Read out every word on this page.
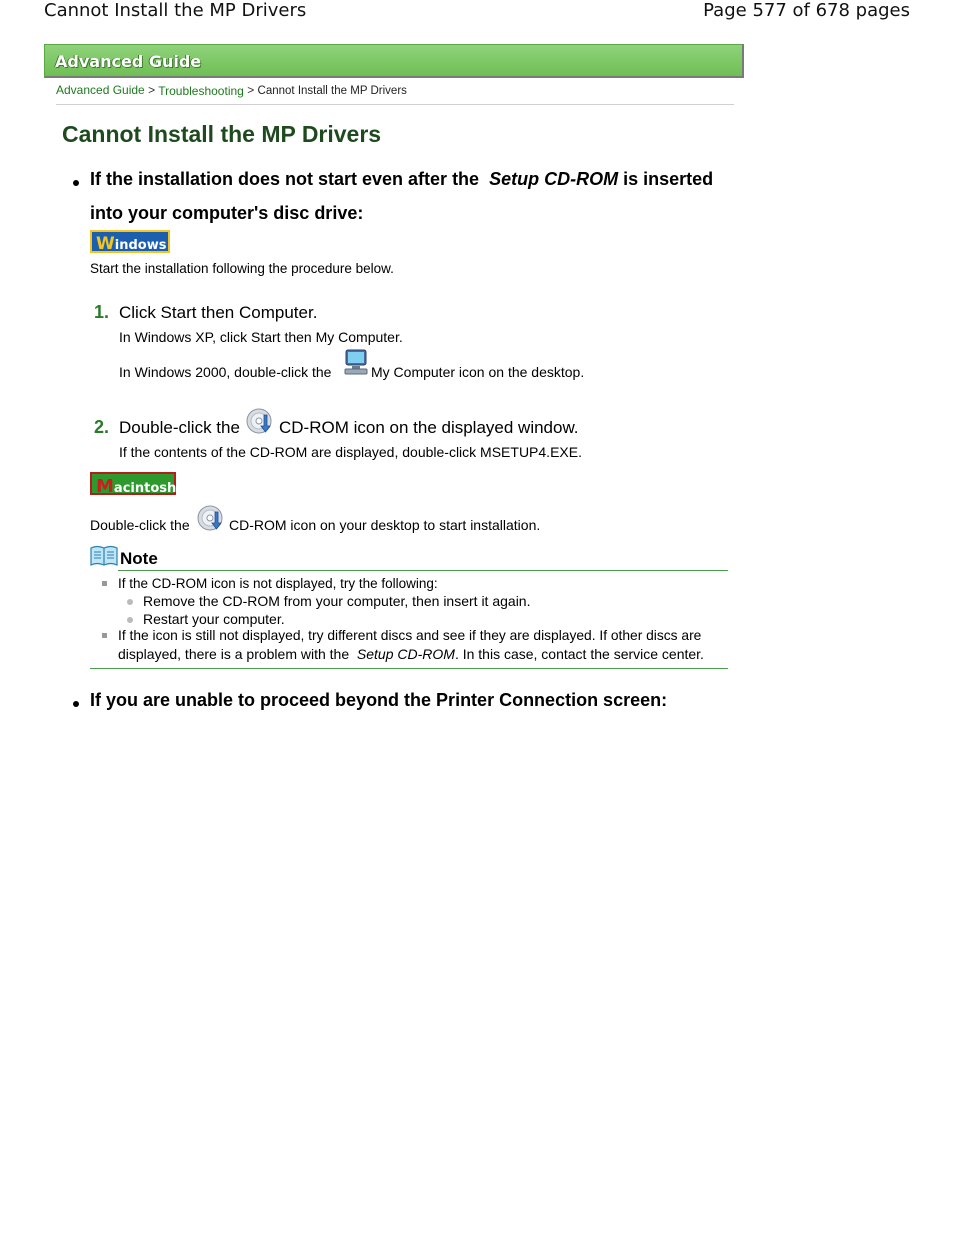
Cannot Install the MP Drivers	Page 577 of 678 pages
Advanced Guide
Advanced Guide > Troubleshooting > Cannot Install the MP Drivers
Cannot Install the MP Drivers
If the installation does not start even after the Setup CD-ROM is inserted
into your computer's disc drive:
Windows
Start the installation following the procedure below.
1. Click Start then Computer.
In Windows XP, click Start then My Computer.
In Windows 2000, double-click the	My Computer icon on the desktop.
2. Double-click the CD-ROM icon on the displayed window.
If the contents of the CD-ROM are displayed, double-click MSETUP4.EXE.
Macintosh
Double-click the	CD-ROM icon on your desktop to start installation.
Note
If the CD-ROM icon is not displayed, try the following:
Remove the CD-ROM from your computer, then insert it again.
Restart your computer.
If the icon is still not displayed, try different discs and see if they are displayed. If other discs are
displayed, there is a problem with the Setup CD-ROM. In this case, contact the service center.
If you are unable to proceed beyond the Printer Connection screen:
